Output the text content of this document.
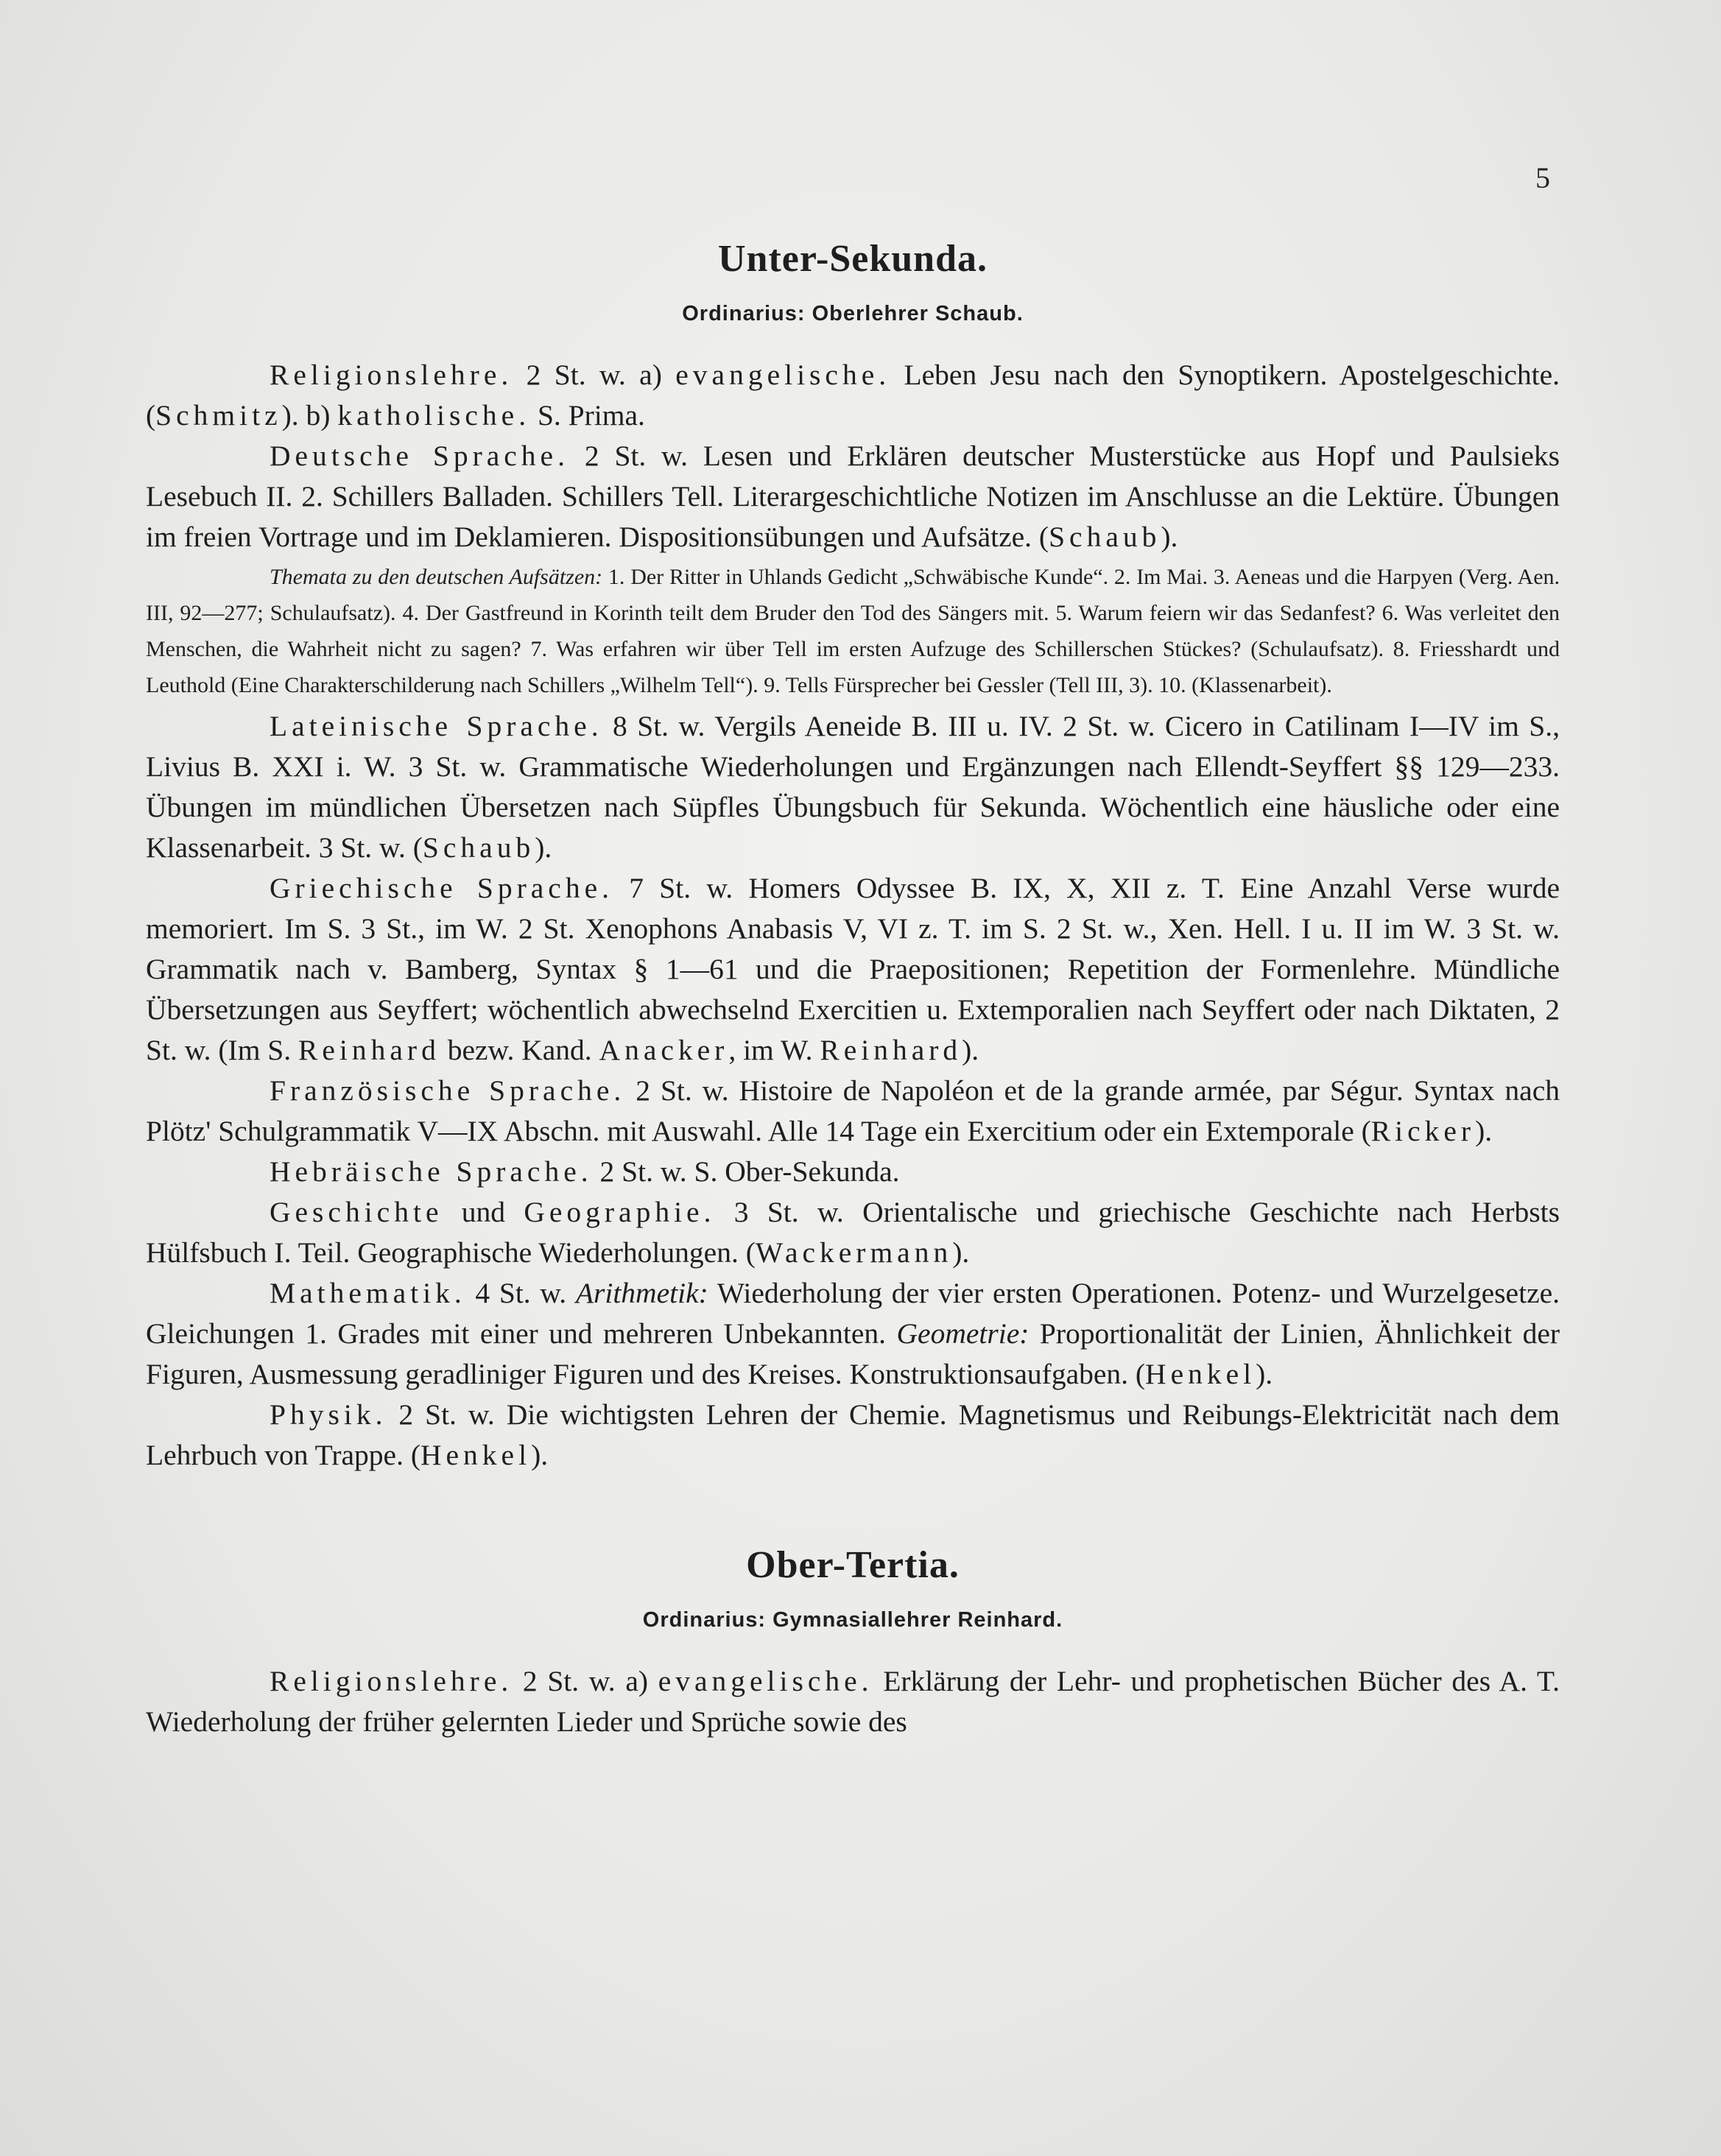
5
Unter-Sekunda.
Ordinarius: Oberlehrer Schaub.

Religionslehre. 2 St. w. a) evangelische. Leben Jesu nach den Synoptikern. Apostelgeschichte. (Schmitz). b) katholische. S. Prima.

Deutsche Sprache. 2 St. w. Lesen und Erklären deutscher Musterstücke aus Hopf und Paulsieks Lesebuch II. 2. Schillers Balladen. Schillers Tell. Literargeschichtliche Notizen im Anschlusse an die Lektüre. Übungen im freien Vortrage und im Deklamieren. Dispositionsübungen und Aufsätze. (Schaub).

Themata zu den deutschen Aufsätzen: 1. Der Ritter in Uhlands Gedicht „Schwäbische Kunde“. 2. Im Mai. 3. Aeneas und die Harpyen (Verg. Aen. III, 92—277; Schulaufsatz). 4. Der Gastfreund in Korinth teilt dem Bruder den Tod des Sängers mit. 5. Warum feiern wir das Sedanfest? 6. Was verleitet den Menschen, die Wahrheit nicht zu sagen? 7. Was erfahren wir über Tell im ersten Aufzuge des Schillerschen Stückes? (Schulaufsatz). 8. Friesshardt und Leuthold (Eine Charakterschilderung nach Schillers „Wilhelm Tell“). 9. Tells Fürsprecher bei Gessler (Tell III, 3). 10. (Klassenarbeit).

Lateinische Sprache. 8 St. w. Vergils Aeneide B. III u. IV. 2 St. w. Cicero in Catilinam I—IV im S., Livius B. XXI i. W. 3 St. w. Grammatische Wiederholungen und Ergänzungen nach Ellendt-Seyffert §§ 129—233. Übungen im mündlichen Übersetzen nach Süpfles Übungsbuch für Sekunda. Wöchentlich eine häusliche oder eine Klassenarbeit. 3 St. w. (Schaub).

Griechische Sprache. 7 St. w. Homers Odyssee B. IX, X, XII z. T. Eine Anzahl Verse wurde memoriert. Im S. 3 St., im W. 2 St. Xenophons Anabasis V, VI z. T. im S. 2 St. w., Xen. Hell. I u. II im W. 3 St. w. Grammatik nach v. Bamberg, Syntax § 1—61 und die Praepositionen; Repetition der Formenlehre. Mündliche Übersetzungen aus Seyffert; wöchentlich abwechselnd Exercitien u. Extemporalien nach Seyffert oder nach Diktaten, 2 St. w. (Im S. Reinhard bezw. Kand. Anacker, im W. Reinhard).

Französische Sprache. 2 St. w. Histoire de Napoléon et de la grande armée, par Ségur. Syntax nach Plötz' Schulgrammatik V—IX Abschn. mit Auswahl. Alle 14 Tage ein Exercitium oder ein Extemporale (Ricker).

Hebräische Sprache. 2 St. w. S. Ober-Sekunda.

Geschichte und Geographie. 3 St. w. Orientalische und griechische Geschichte nach Herbsts Hülfsbuch I. Teil. Geographische Wiederholungen. (Wackermann).

Mathematik. 4 St. w. Arithmetik: Wiederholung der vier ersten Operationen. Potenz- und Wurzelgesetze. Gleichungen 1. Grades mit einer und mehreren Unbekannten. Geometrie: Proportionalität der Linien, Ähnlichkeit der Figuren, Ausmessung geradliniger Figuren und des Kreises. Konstruktionsaufgaben. (Henkel).

Physik. 2 St. w. Die wichtigsten Lehren der Chemie. Magnetismus und Reibungs-Elektricität nach dem Lehrbuch von Trappe. (Henkel).

Ober-Tertia.
Ordinarius: Gymnasiallehrer Reinhard.

Religionslehre. 2 St. w. a) evangelische. Erklärung der Lehr- und prophetischen Bücher des A. T. Wiederholung der früher gelernten Lieder und Sprüche sowie des
